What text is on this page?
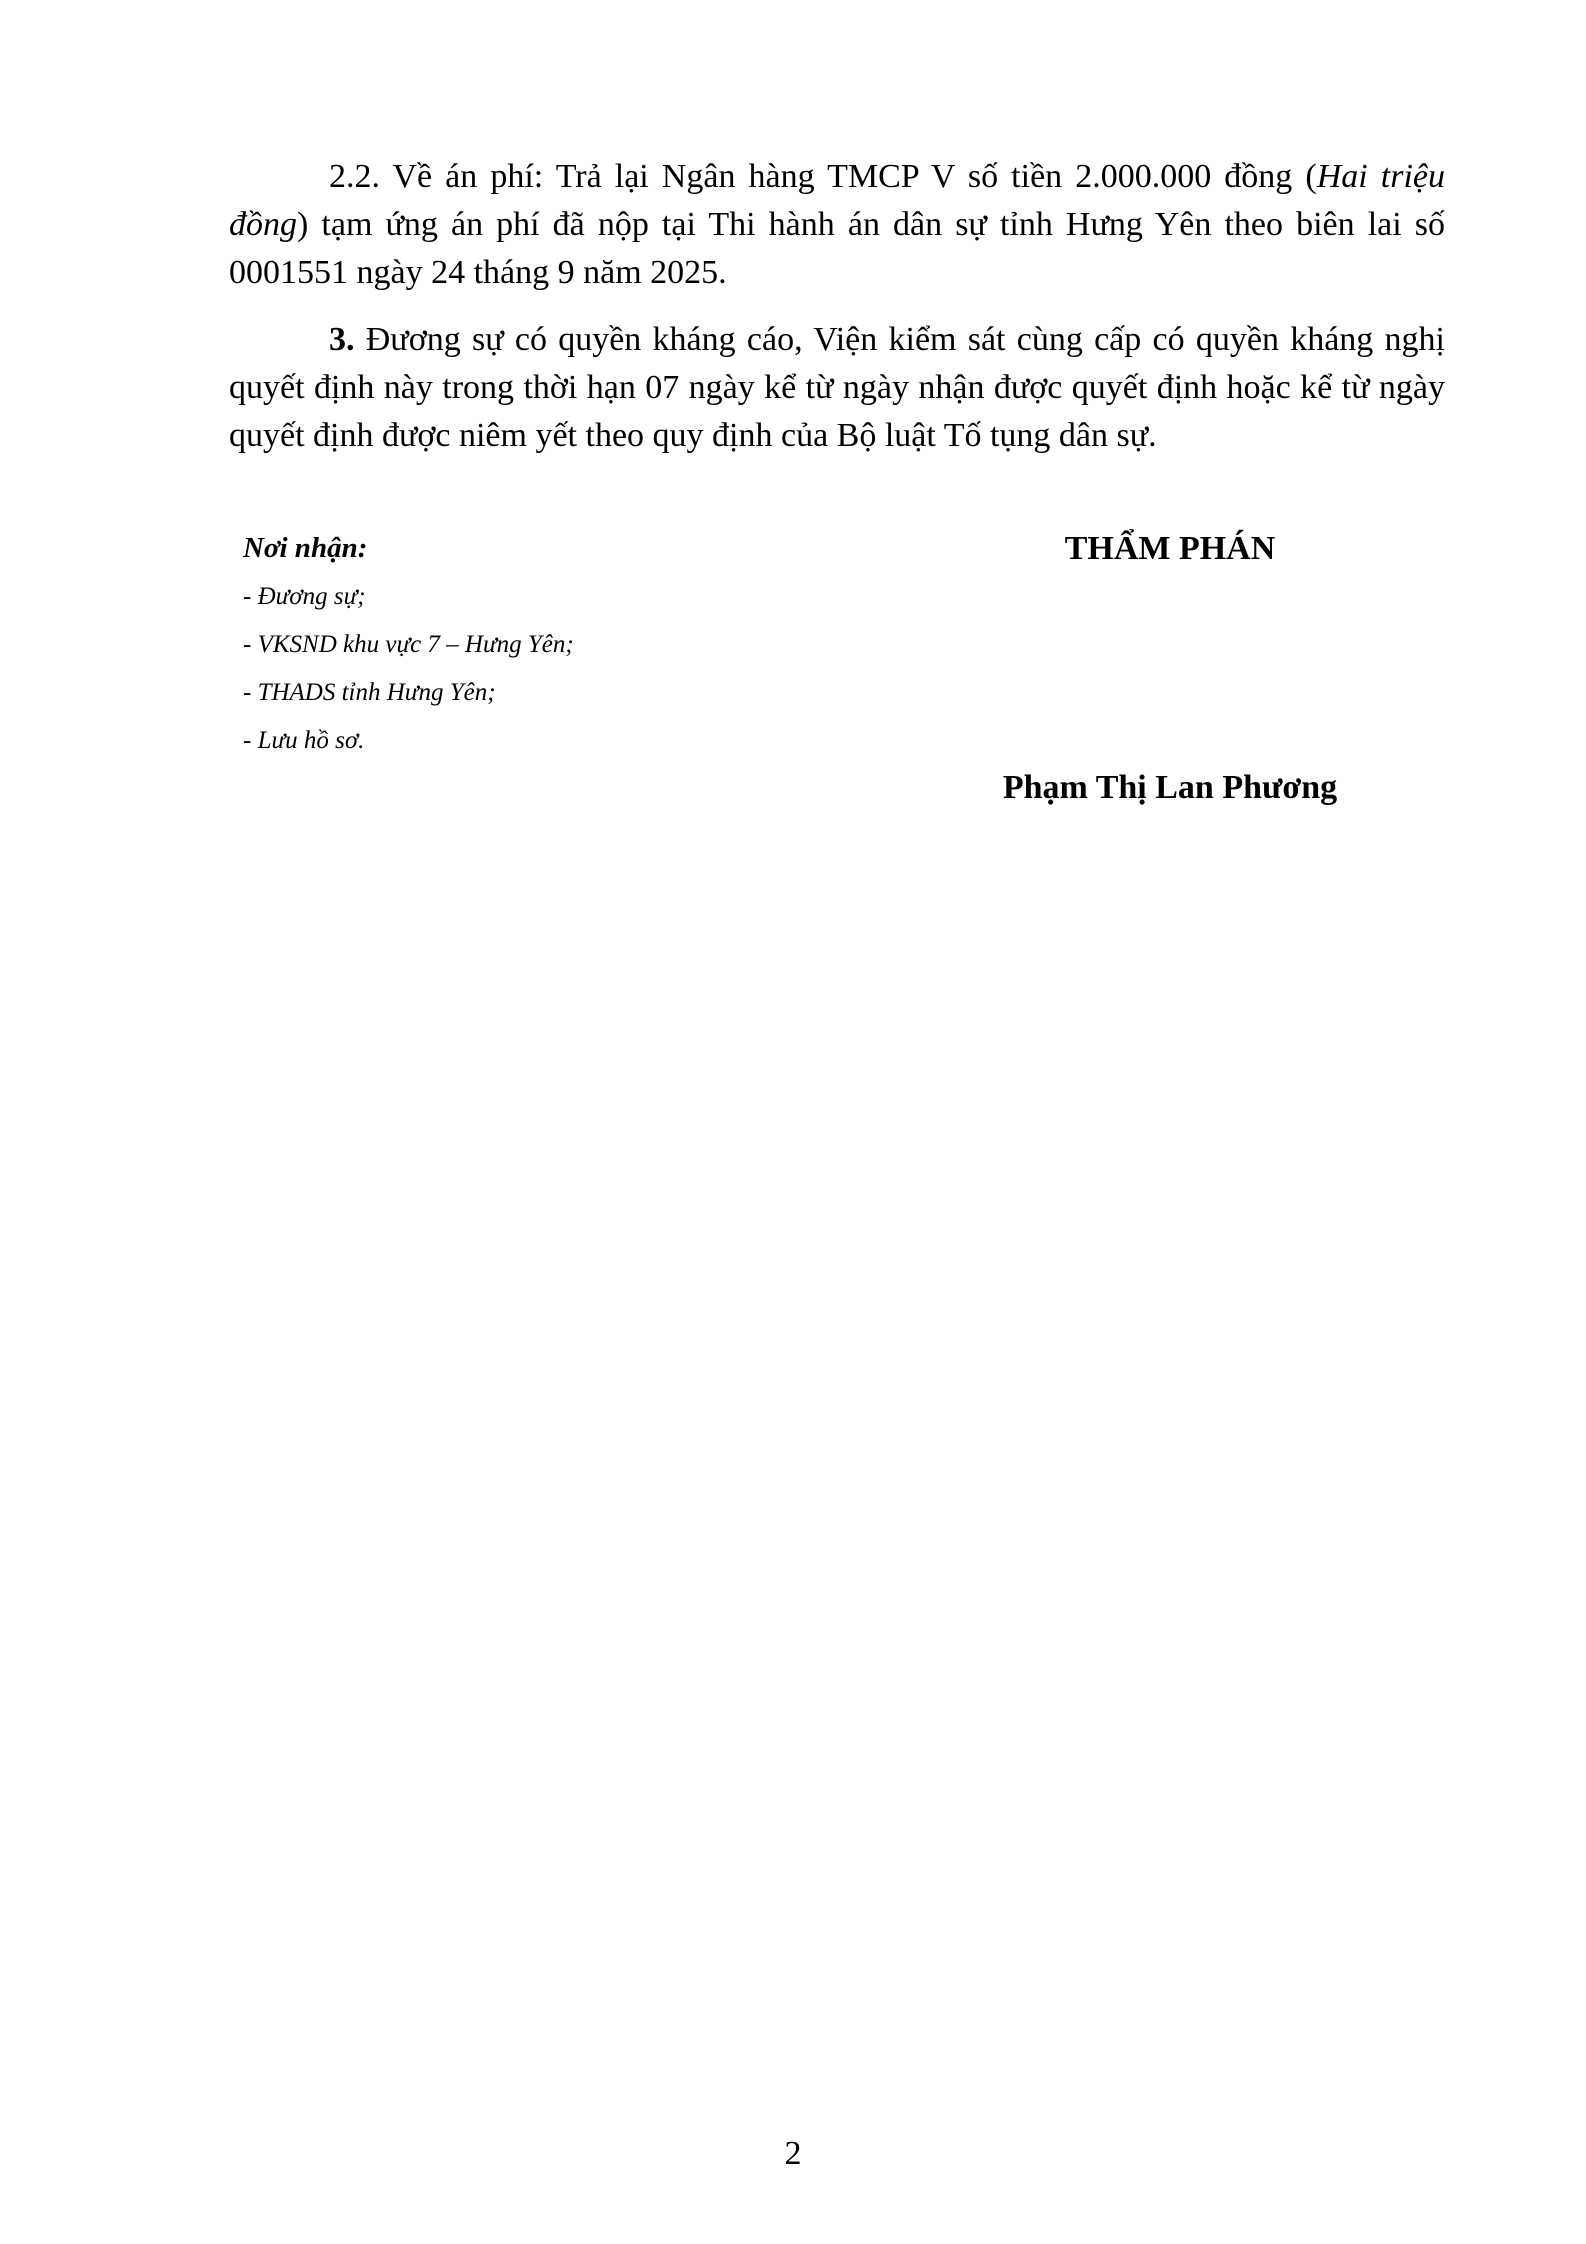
2.2. Về án phí: Trả lại Ngân hàng TMCP V số tiền 2.000.000 đồng (Hai triệu đồng) tạm ứng án phí đã nộp tại Thi hành án dân sự tỉnh Hưng Yên theo biên lai số 0001551 ngày 24 tháng 9 năm 2025.

3. Đương sự có quyền kháng cáo, Viện kiểm sát cùng cấp có quyền kháng nghị quyết định này trong thời hạn 07 ngày kể từ ngày nhận được quyết định hoặc kể từ ngày quyết định được niêm yết theo quy định của Bộ luật Tố tụng dân sự.

Nơi nhận:

- Đương sự;

- VKSND khu vực 7 – Hưng Yên;

- THADS tỉnh Hưng Yên;

- Lưu hồ sơ.

THẨM PHÁN

Phạm Thị Lan Phương

2
